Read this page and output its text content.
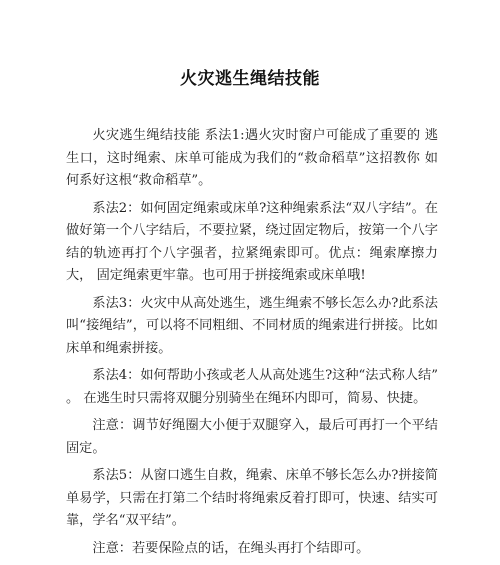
火灾逃生绳结技能

火灾逃生绳结技能 系法1:遇火灾时窗户可能成了重要的 逃生口，这时绳索、床单可能成为我们的“救命稻草”这招教你 如何系好这根“救命稻草”。

系法2：如何固定绳索或床单?这种绳索系法“双八字结”。在做好第一个八字结后，不要拉紧，绕过固定物后，按第一个八字 结的轨迹再打个八字强者，拉紧绳索即可。优点：绳索摩擦力大， 固定绳索更牢靠。也可用于拼接绳索或床单哦!

系法3：火灾中从高处逃生，逃生绳索不够长怎么办?此系法 叫“接绳结”，可以将不同粗细、不同材质的绳索进行拼接。比如 床单和绳索拼接。

系法4：如何帮助小孩或老人从高处逃生?这种“法式称人结” 。 在逃生时只需将双腿分别骑坐在绳环内即可，简易、快捷。

注意：调节好绳圈大小便于双腿穿入，最后可再打一个平结 固定。

系法5：从窗口逃生自救，绳索、床单不够长怎么办?拼接简 单易学，只需在打第二个结时将绳索反着打即可，快速、结实可 靠，学名“双平结”。

注意：若要保险点的话，在绳头再打个结即可。
